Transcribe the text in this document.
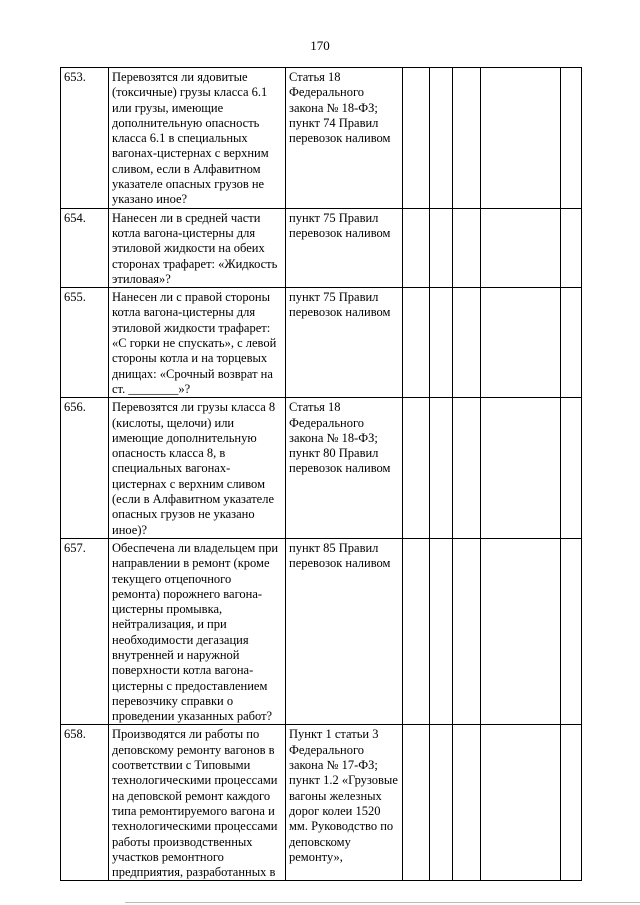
170
653.	Перевозятся ли ядовитые (токсичные) грузы класса 6.1 или грузы, имеющие дополнительную опасность класса 6.1 в специальных вагонах-цистернах с верхним сливом, если в Алфавитном указателе опасных грузов не указано иное?	Статья 18 Федерального закона № 18-ФЗ; пункт 74 Правил перевозок наливом					
654.	Нанесен ли в средней части котла вагона-цистерны для этиловой жидкости на обеих сторонах трафарет: «Жидкость этиловая»?	пункт 75 Правил перевозок наливом					
655.	Нанесен ли с правой стороны котла вагона-цистерны для этиловой жидкости трафарет: «С горки не спускать», с левой стороны котла и на торцевых днищах: «Срочный возврат на ст. ________»?	пункт 75 Правил перевозок наливом					
656.	Перевозятся ли грузы класса 8 (кислоты, щелочи) или имеющие дополнительную опасность класса 8, в специальных вагонах-цистернах с верхним сливом (если в Алфавитном указателе опасных грузов не указано иное)?	Статья 18 Федерального закона № 18-ФЗ; пункт 80 Правил перевозок наливом					
657.	Обеспечена ли владельцем при направлении в ремонт (кроме текущего отцепочного ремонта) порожнего вагона-цистерны промывка, нейтрализация, и при необходимости дегазация внутренней и наружной поверхности котла вагона-цистерны с предоставлением перевозчику справки о проведении указанных работ?	пункт 85 Правил перевозок наливом					
658.	Производятся ли работы по деповскому ремонту вагонов в соответствии с Типовыми технологическими процессами на деповской ремонт каждого типа ремонтируемого вагона и технологическими процессами работы производственных участков ремонтного предприятия, разработанных в	Пункт 1 статьи 3 Федерального закона № 17-ФЗ; пункт 1.2 «Грузовые вагоны железных дорог колеи 1520 мм. Руководство по деповскому ремонту»,					
